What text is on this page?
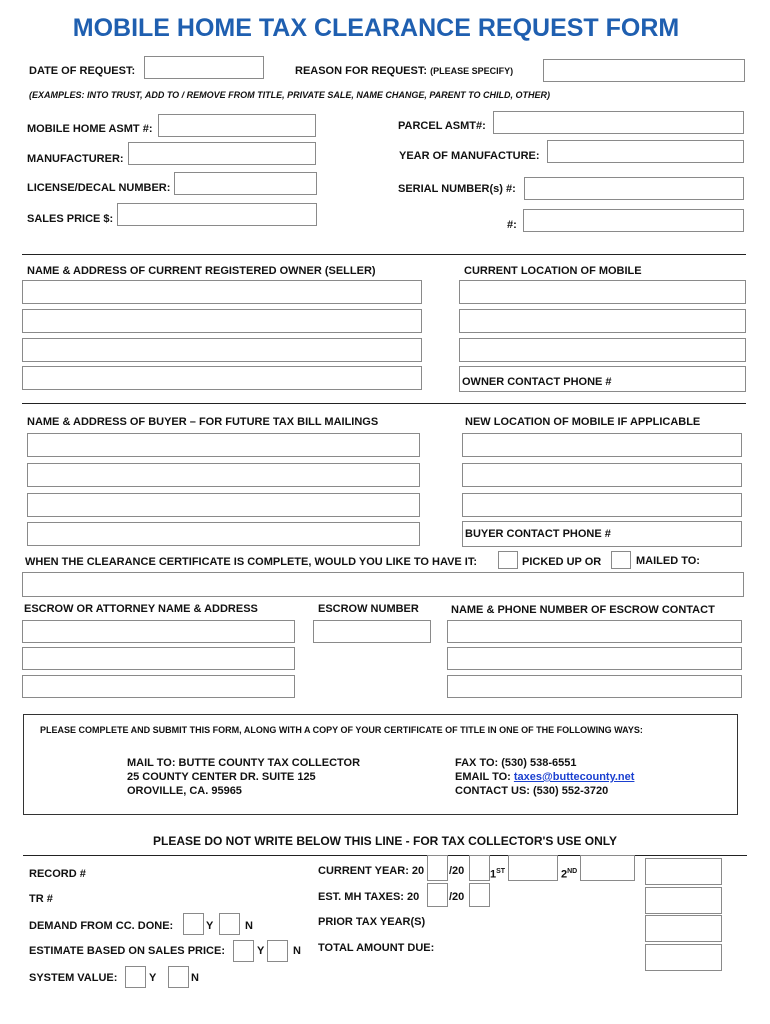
MOBILE HOME TAX CLEARANCE REQUEST FORM
DATE OF REQUEST:	REASON FOR REQUEST: (PLEASE SPECIFY)
(EXAMPLES: INTO TRUST, ADD TO / REMOVE FROM TITLE, PRIVATE SALE, NAME CHANGE, PARENT TO CHILD, OTHER)
MOBILE HOME ASMT #:	PARCEL ASMT#:
MANUFACTURER:	YEAR OF MANUFACTURE:
LICENSE/DECAL NUMBER:	SERIAL NUMBER(s) #:
SALES PRICE $:	#:
NAME & ADDRESS OF CURRENT REGISTERED OWNER (SELLER)	CURRENT LOCATION OF MOBILE
OWNER CONTACT PHONE #
NAME & ADDRESS OF BUYER – FOR FUTURE TAX BILL MAILINGS	NEW LOCATION OF MOBILE IF APPLICABLE
BUYER CONTACT PHONE #
WHEN THE CLEARANCE CERTIFICATE IS COMPLETE, WOULD YOU LIKE TO HAVE IT:	PICKED UP OR	MAILED TO:
ESCROW OR ATTORNEY NAME & ADDRESS	ESCROW NUMBER	NAME & PHONE NUMBER OF ESCROW CONTACT
PLEASE COMPLETE AND SUBMIT THIS FORM, ALONG WITH A COPY OF YOUR CERTIFICATE OF TITLE IN ONE OF THE FOLLOWING WAYS:
MAIL TO: BUTTE COUNTY TAX COLLECTOR
25 COUNTY CENTER DR. SUITE 125
OROVILLE, CA. 95965
FAX TO: (530) 538-6551
EMAIL TO: taxes@buttecounty.net
CONTACT US: (530) 552-3720
PLEASE DO NOT WRITE BELOW THIS LINE - FOR TAX COLLECTOR'S USE ONLY
RECORD #
TR #
DEMAND FROM CC. DONE:	Y	N
ESTIMATE BASED ON SALES PRICE:	Y	N
SYSTEM VALUE:	Y	N
CURRENT YEAR: 20 /20 1ST	2ND
EST. MH TAXES: 20	/20
PRIOR TAX YEAR(S)
TOTAL AMOUNT DUE:
